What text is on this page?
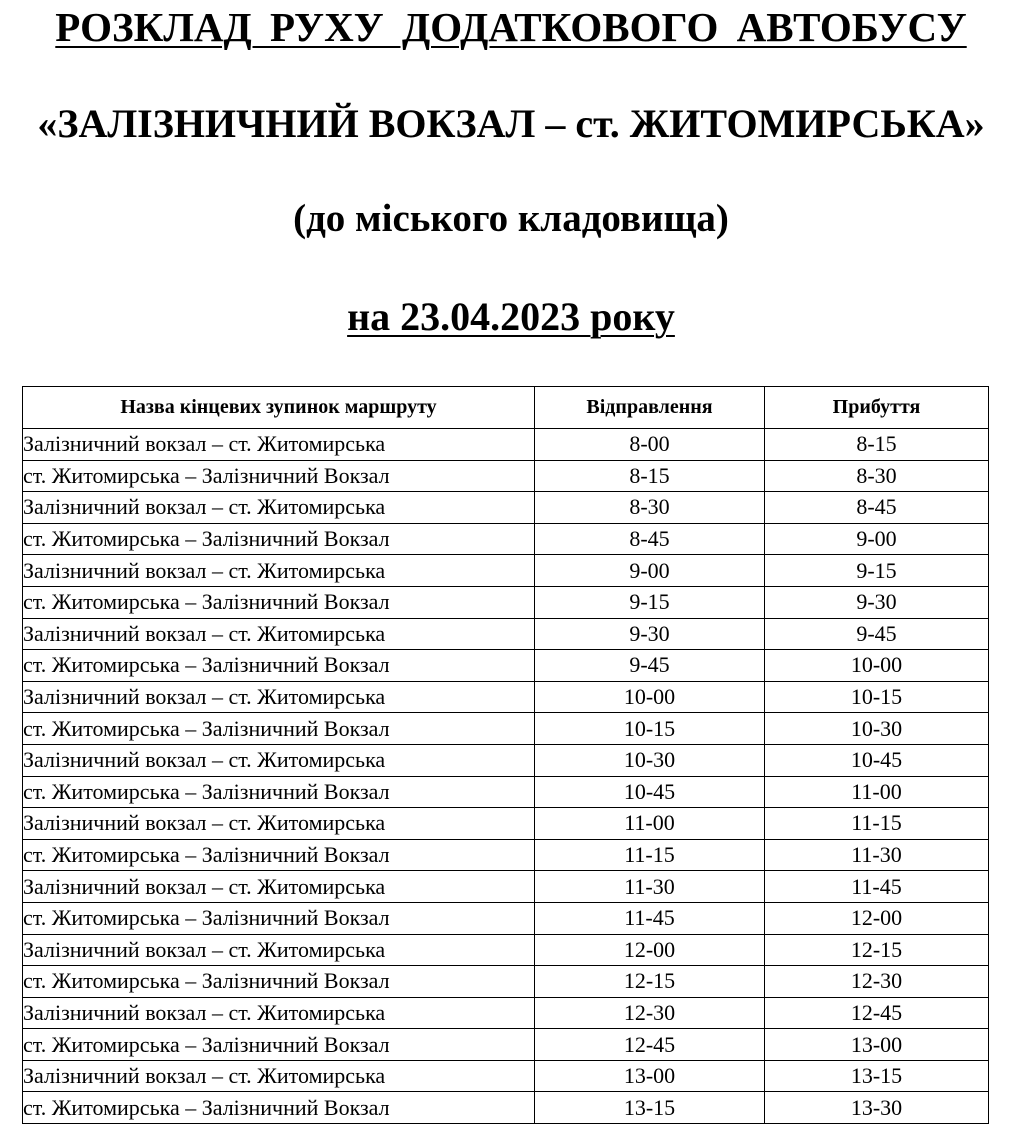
РОЗКЛАД РУХУ ДОДАТКОВОГО АВТОБУСУ
«ЗАЛІЗНИЧНИЙ ВОКЗАЛ – ст. ЖИТОМИРСЬКА»
(до міського кладовища)
на 23.04.2023 року
Назва кінцевих зупинок маршруту	Відправлення	Прибуття
Залізничний вокзал – ст. Житомирська	8-00	8-15
ст. Житомирська – Залізничний Вокзал	8-15	8-30
Залізничний вокзал – ст. Житомирська	8-30	8-45
ст. Житомирська – Залізничний Вокзал	8-45	9-00
Залізничний вокзал – ст. Житомирська	9-00	9-15
ст. Житомирська – Залізничний Вокзал	9-15	9-30
Залізничний вокзал – ст. Житомирська	9-30	9-45
ст. Житомирська – Залізничний Вокзал	9-45	10-00
Залізничний вокзал – ст. Житомирська	10-00	10-15
ст. Житомирська – Залізничний Вокзал	10-15	10-30
Залізничний вокзал – ст. Житомирська	10-30	10-45
ст. Житомирська – Залізничний Вокзал	10-45	11-00
Залізничний вокзал – ст. Житомирська	11-00	11-15
ст. Житомирська – Залізничний Вокзал	11-15	11-30
Залізничний вокзал – ст. Житомирська	11-30	11-45
ст. Житомирська – Залізничний Вокзал	11-45	12-00
Залізничний вокзал – ст. Житомирська	12-00	12-15
ст. Житомирська – Залізничний Вокзал	12-15	12-30
Залізничний вокзал – ст. Житомирська	12-30	12-45
ст. Житомирська – Залізничний Вокзал	12-45	13-00
Залізничний вокзал – ст. Житомирська	13-00	13-15
ст. Житомирська – Залізничний Вокзал	13-15	13-30
